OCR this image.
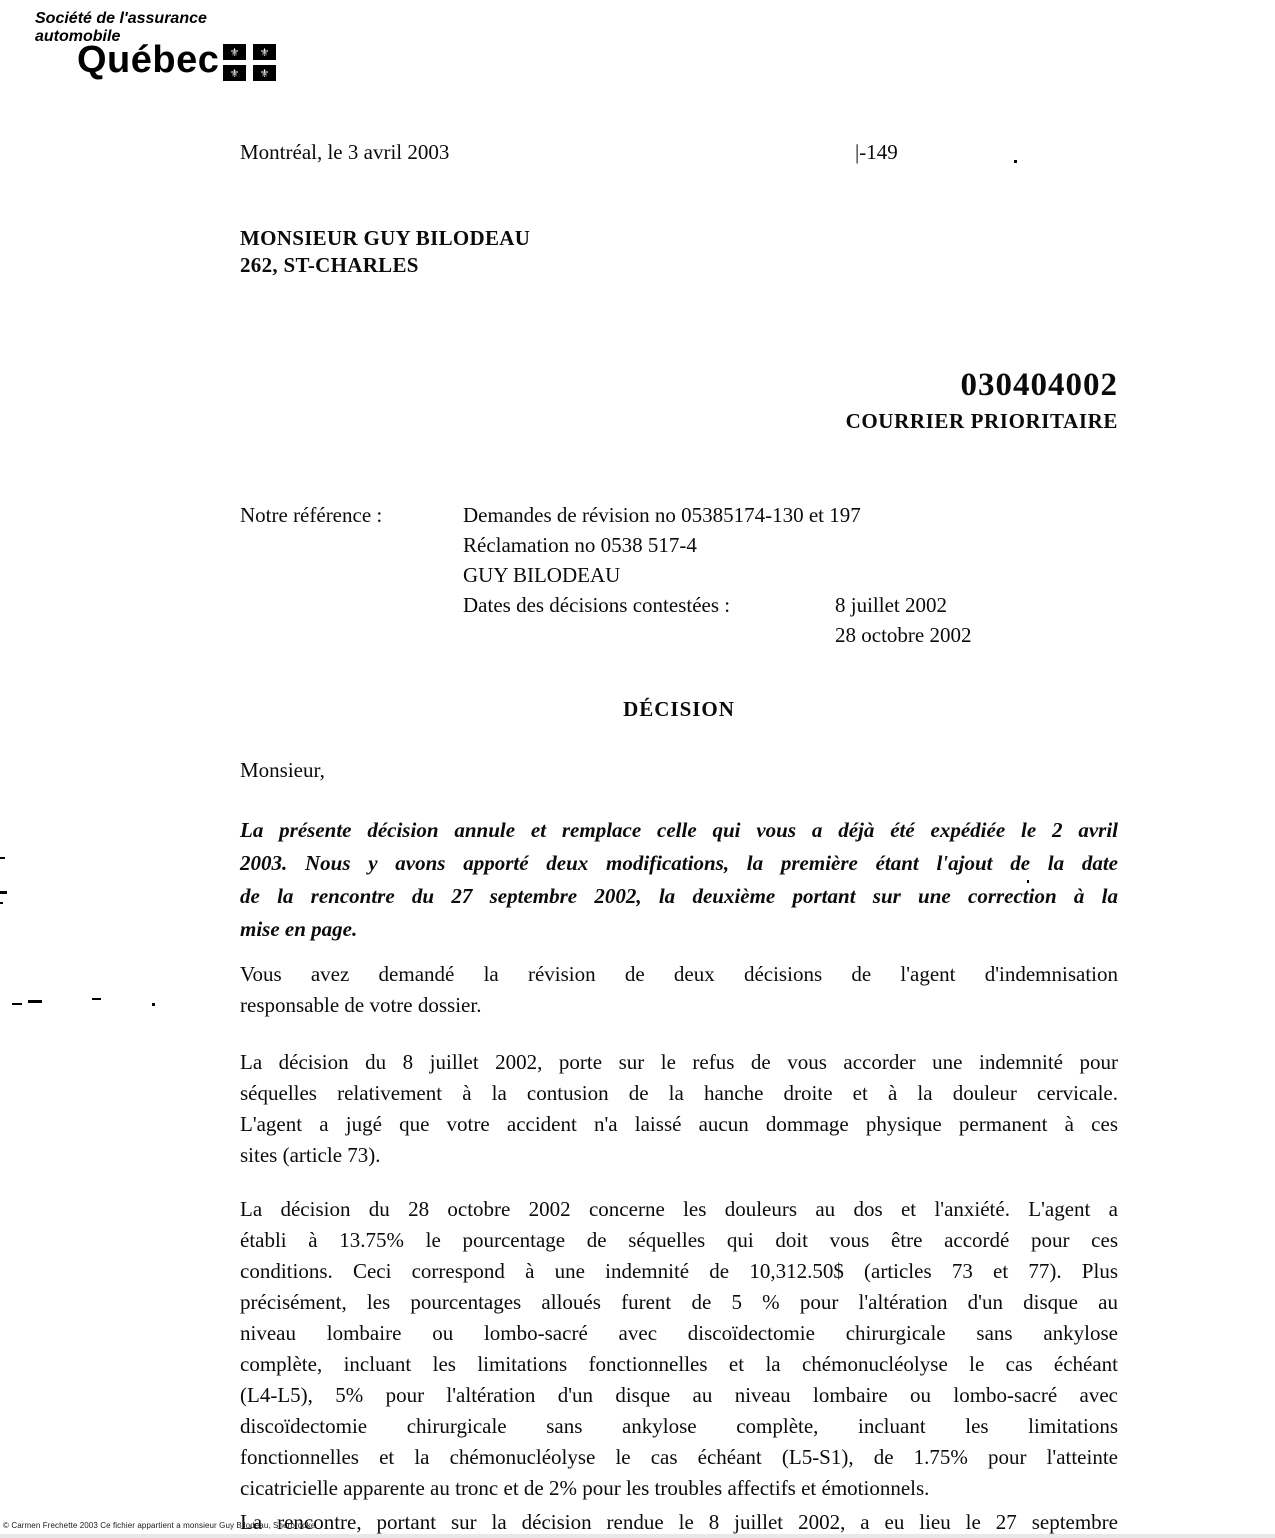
Société de l'assurance
automobile
Québec ⚜	⚜
⚜	⚜
Montréal, le 3 avril 2003	|-149
MONSIEUR GUY BILODEAU
262, ST-CHARLES
030404002
COURRIER PRIORITAIRE
Notre référence :	Demandes de révision no 05385174-130 et 197
Réclamation no 0538 517-4
GUY BILODEAU
Dates des décisions contestées :	8 juillet 2002
28 octobre 2002
DÉCISION
Monsieur,
La présente décision annule et remplace celle qui vous a déjà été expédiée le 2 avril
2003. Nous y avons apporté deux modifications, la première étant l'ajout de la date
de la rencontre du 27 septembre 2002, la deuxième portant sur une correction à la
mise en page.
Vous avez demandé la révision de deux décisions de l'agent d'indemnisation
responsable de votre dossier.
La décision du 8 juillet 2002, porte sur le refus de vous accorder une indemnité pour
séquelles relativement à la contusion de la hanche droite et à la douleur cervicale.
L'agent a jugé que votre accident n'a laissé aucun dommage physique permanent à ces
sites (article 73).
La décision du 28 octobre 2002 concerne les douleurs au dos et l'anxiété. L'agent a
établi à 13.75% le pourcentage de séquelles qui doit vous être accordé pour ces
conditions. Ceci correspond à une indemnité de 10,312.50$ (articles 73 et 77). Plus
précisément, les pourcentages alloués furent de 5 % pour l'altération d'un disque au
niveau lombaire ou lombo-sacré avec discoïdectomie chirurgicale sans ankylose
complète, incluant les limitations fonctionnelles et la chémonucléolyse le cas échéant
(L4-L5), 5% pour l'altération d'un disque au niveau lombaire ou lombo-sacré avec
discoïdectomie chirurgicale sans ankylose complète, incluant les limitations
fonctionnelles et la chémonucléolyse le cas échéant (L5-S1), de 1.75% pour l'atteinte
cicatricielle apparente au tronc et de 2% pour les troubles affectifs et émotionnels.
La rencontre, portant sur la décision rendue le 8 juillet 2002, a eu lieu le 27 septembre
© Carmen Frechette 2003 Ce fichier appartient a monsieur Guy Bilodeau, Sherbrooke
